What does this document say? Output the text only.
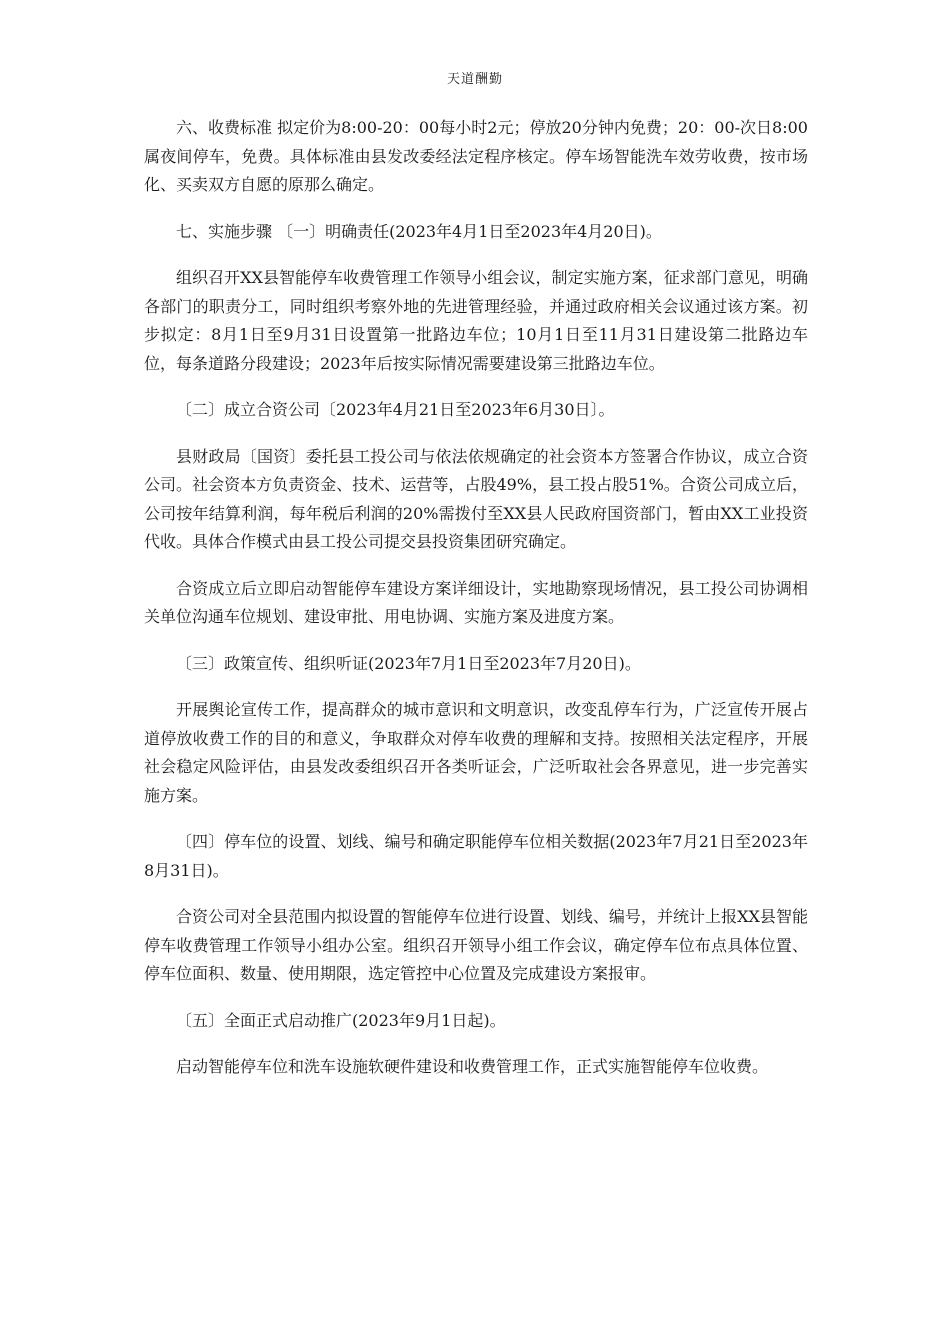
天道酬勤

六、收费标准 拟定价为8:00-20：00每小时2元；停放20分钟内免费；20：00-次日8:00属夜间停车，免费。具体标准由县发改委经法定程序核定。停车场智能洗车效劳收费，按市场化、买卖双方自愿的原那么确定。

七、实施步骤 〔一〕明确责任(2023年4月1日至2023年4月20日)。

组织召开XX县智能停车收费管理工作领导小组会议，制定实施方案，征求部门意见，明确各部门的职责分工，同时组织考察外地的先进管理经验，并通过政府相关会议通过该方案。初步拟定：8月1日至9月31日设置第一批路边车位；10月1日至11月31日建设第二批路边车位，每条道路分段建设；2023年后按实际情况需要建设第三批路边车位。

〔二〕成立合资公司〔2023年4月21日至2023年6月30日〕。

县财政局〔国资〕委托县工投公司与依法依规确定的社会资本方签署合作协议，成立合资公司。社会资本方负责资金、技术、运营等，占股49%，县工投占股51%。合资公司成立后，公司按年结算利润，每年税后利润的20%需拨付至XX县人民政府国资部门，暂由XX工业投资代收。具体合作模式由县工投公司提交县投资集团研究确定。

合资成立后立即启动智能停车建设方案详细设计，实地勘察现场情况，县工投公司协调相关单位沟通车位规划、建设审批、用电协调、实施方案及进度方案。

〔三〕政策宣传、组织听证(2023年7月1日至2023年7月20日)。

开展舆论宣传工作，提高群众的城市意识和文明意识，改变乱停车行为，广泛宣传开展占道停放收费工作的目的和意义，争取群众对停车收费的理解和支持。按照相关法定程序，开展社会稳定风险评估，由县发改委组织召开各类听证会，广泛听取社会各界意见，进一步完善实施方案。

〔四〕停车位的设置、划线、编号和确定职能停车位相关数据(2023年7月21日至2023年8月31日)。

合资公司对全县范围内拟设置的智能停车位进行设置、划线、编号，并统计上报XX县智能停车收费管理工作领导小组办公室。组织召开领导小组工作会议，确定停车位布点具体位置、停车位面积、数量、使用期限，选定管控中心位置及完成建设方案报审。

〔五〕全面正式启动推广(2023年9月1日起)。

启动智能停车位和洗车设施软硬件建设和收费管理工作，正式实施智能停车位收费。
